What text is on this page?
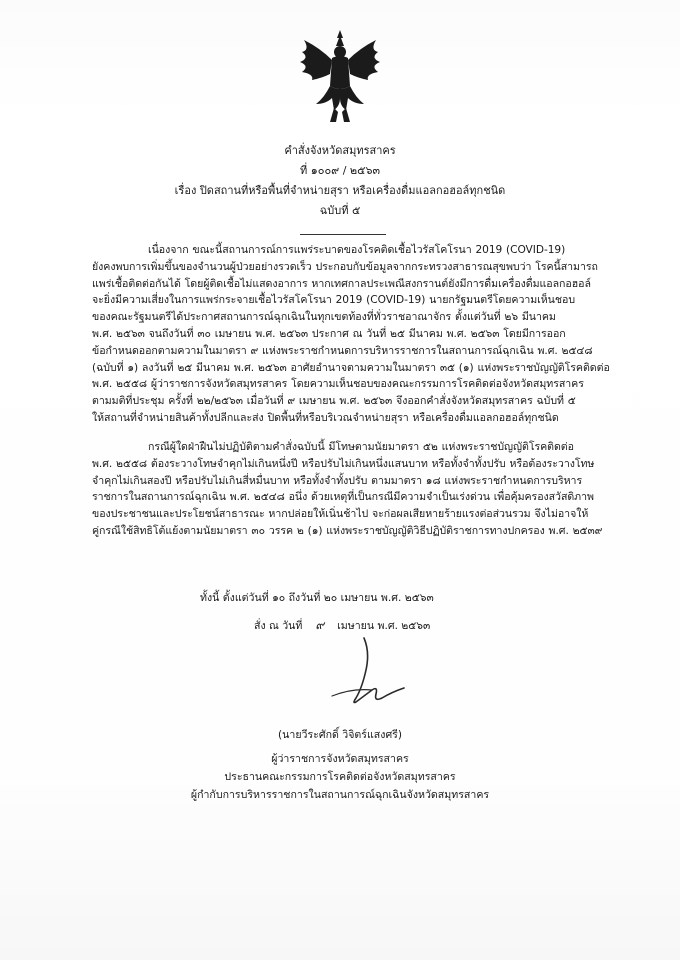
คำสั่งจังหวัดสมุทรสาคร
ที่ ๑๐๐๙ / ๒๕๖๓
เรื่อง ปิดสถานที่หรือพื้นที่จำหน่ายสุรา หรือเครื่องดื่มแอลกอฮอล์ทุกชนิด
ฉบับที่ ๕
เนื่องจาก ขณะนี้สถานการณ์การแพร่ระบาดของโรคติดเชื้อไวรัสโคโรนา 2019 (COVID-19)
ยังคงพบการเพิ่มขึ้นของจำนวนผู้ป่วยอย่างรวดเร็ว ประกอบกับข้อมูลจากกระทรวงสาธารณสุขพบว่า โรคนี้สามารถ
แพร่เชื้อติดต่อกันได้ โดยผู้ติดเชื้อไม่แสดงอาการ หากเทศกาลประเพณีสงกรานต์ยังมีการดื่มเครื่องดื่มแอลกอฮอล์
จะยิ่งมีความเสี่ยงในการแพร่กระจายเชื้อไวรัสโคโรนา 2019 (COVID-19) นายกรัฐมนตรีโดยความเห็นชอบ
ของคณะรัฐมนตรีได้ประกาศสถานการณ์ฉุกเฉินในทุกเขตท้องที่ทั่วราชอาณาจักร ตั้งแต่วันที่ ๒๖ มีนาคม
พ.ศ. ๒๕๖๓ จนถึงวันที่ ๓๐ เมษายน พ.ศ. ๒๕๖๓ ประกาศ ณ วันที่ ๒๕ มีนาคม พ.ศ. ๒๕๖๓ โดยมีการออก
ข้อกำหนดออกตามความในมาตรา ๙ แห่งพระราชกำหนดการบริหารราชการในสถานการณ์ฉุกเฉิน พ.ศ. ๒๕๔๘
(ฉบับที่ ๑) ลงวันที่ ๒๕ มีนาคม พ.ศ. ๒๕๖๓ อาศัยอำนาจตามความในมาตรา ๓๕ (๑) แห่งพระราชบัญญัติโรคติดต่อ
พ.ศ. ๒๕๕๘ ผู้ว่าราชการจังหวัดสมุทรสาคร โดยความเห็นชอบของคณะกรรมการโรคติดต่อจังหวัดสมุทรสาคร
ตามมติที่ประชุม ครั้งที่ ๒๒/๒๕๖๓ เมื่อวันที่ ๙ เมษายน พ.ศ. ๒๕๖๓ จึงออกคำสั่งจังหวัดสมุทรสาคร ฉบับที่ ๕
ให้สถานที่จำหน่ายสินค้าทั้งปลีกและส่ง ปิดพื้นที่หรือบริเวณจำหน่ายสุรา หรือเครื่องดื่มแอลกอฮอล์ทุกชนิด
กรณีผู้ใดฝ่าฝืนไม่ปฏิบัติตามคำสั่งฉบับนี้ มีโทษตามนัยมาตรา ๕๒ แห่งพระราชบัญญัติโรคติดต่อ
พ.ศ. ๒๕๕๘ ต้องระวางโทษจำคุกไม่เกินหนึ่งปี หรือปรับไม่เกินหนึ่งแสนบาท หรือทั้งจำทั้งปรับ หรือต้องระวางโทษ
จำคุกไม่เกินสองปี หรือปรับไม่เกินสี่หมื่นบาท หรือทั้งจำทั้งปรับ ตามมาตรา ๑๘ แห่งพระราชกำหนดการบริหาร
ราชการในสถานการณ์ฉุกเฉิน พ.ศ. ๒๕๔๘ อนึ่ง ด้วยเหตุที่เป็นกรณีมีความจำเป็นเร่งด่วน เพื่อคุ้มครองสวัสดิภาพ
ของประชาชนและประโยชน์สาธารณะ หากปล่อยให้เนิ่นช้าไป จะก่อผลเสียหายร้ายแรงต่อส่วนรวม จึงไม่อาจให้
คู่กรณีใช้สิทธิโต้แย้งตามนัยมาตรา ๓๐ วรรค ๒ (๑) แห่งพระราชบัญญัติวิธีปฏิบัติราชการทางปกครอง พ.ศ. ๒๕๓๙
ทั้งนี้ ตั้งแต่วันที่ ๑๐ ถึงวันที่ ๒๐ เมษายน พ.ศ. ๒๕๖๓
สั่ง ณ วันที่ ๙ เมษายน พ.ศ. ๒๕๖๓
(นายวีระศักดิ์ วิจิตร์แสงศรี)
ผู้ว่าราชการจังหวัดสมุทรสาคร
ประธานคณะกรรมการโรคติดต่อจังหวัดสมุทรสาคร
ผู้กำกับการบริหารราชการในสถานการณ์ฉุกเฉินจังหวัดสมุทรสาคร
